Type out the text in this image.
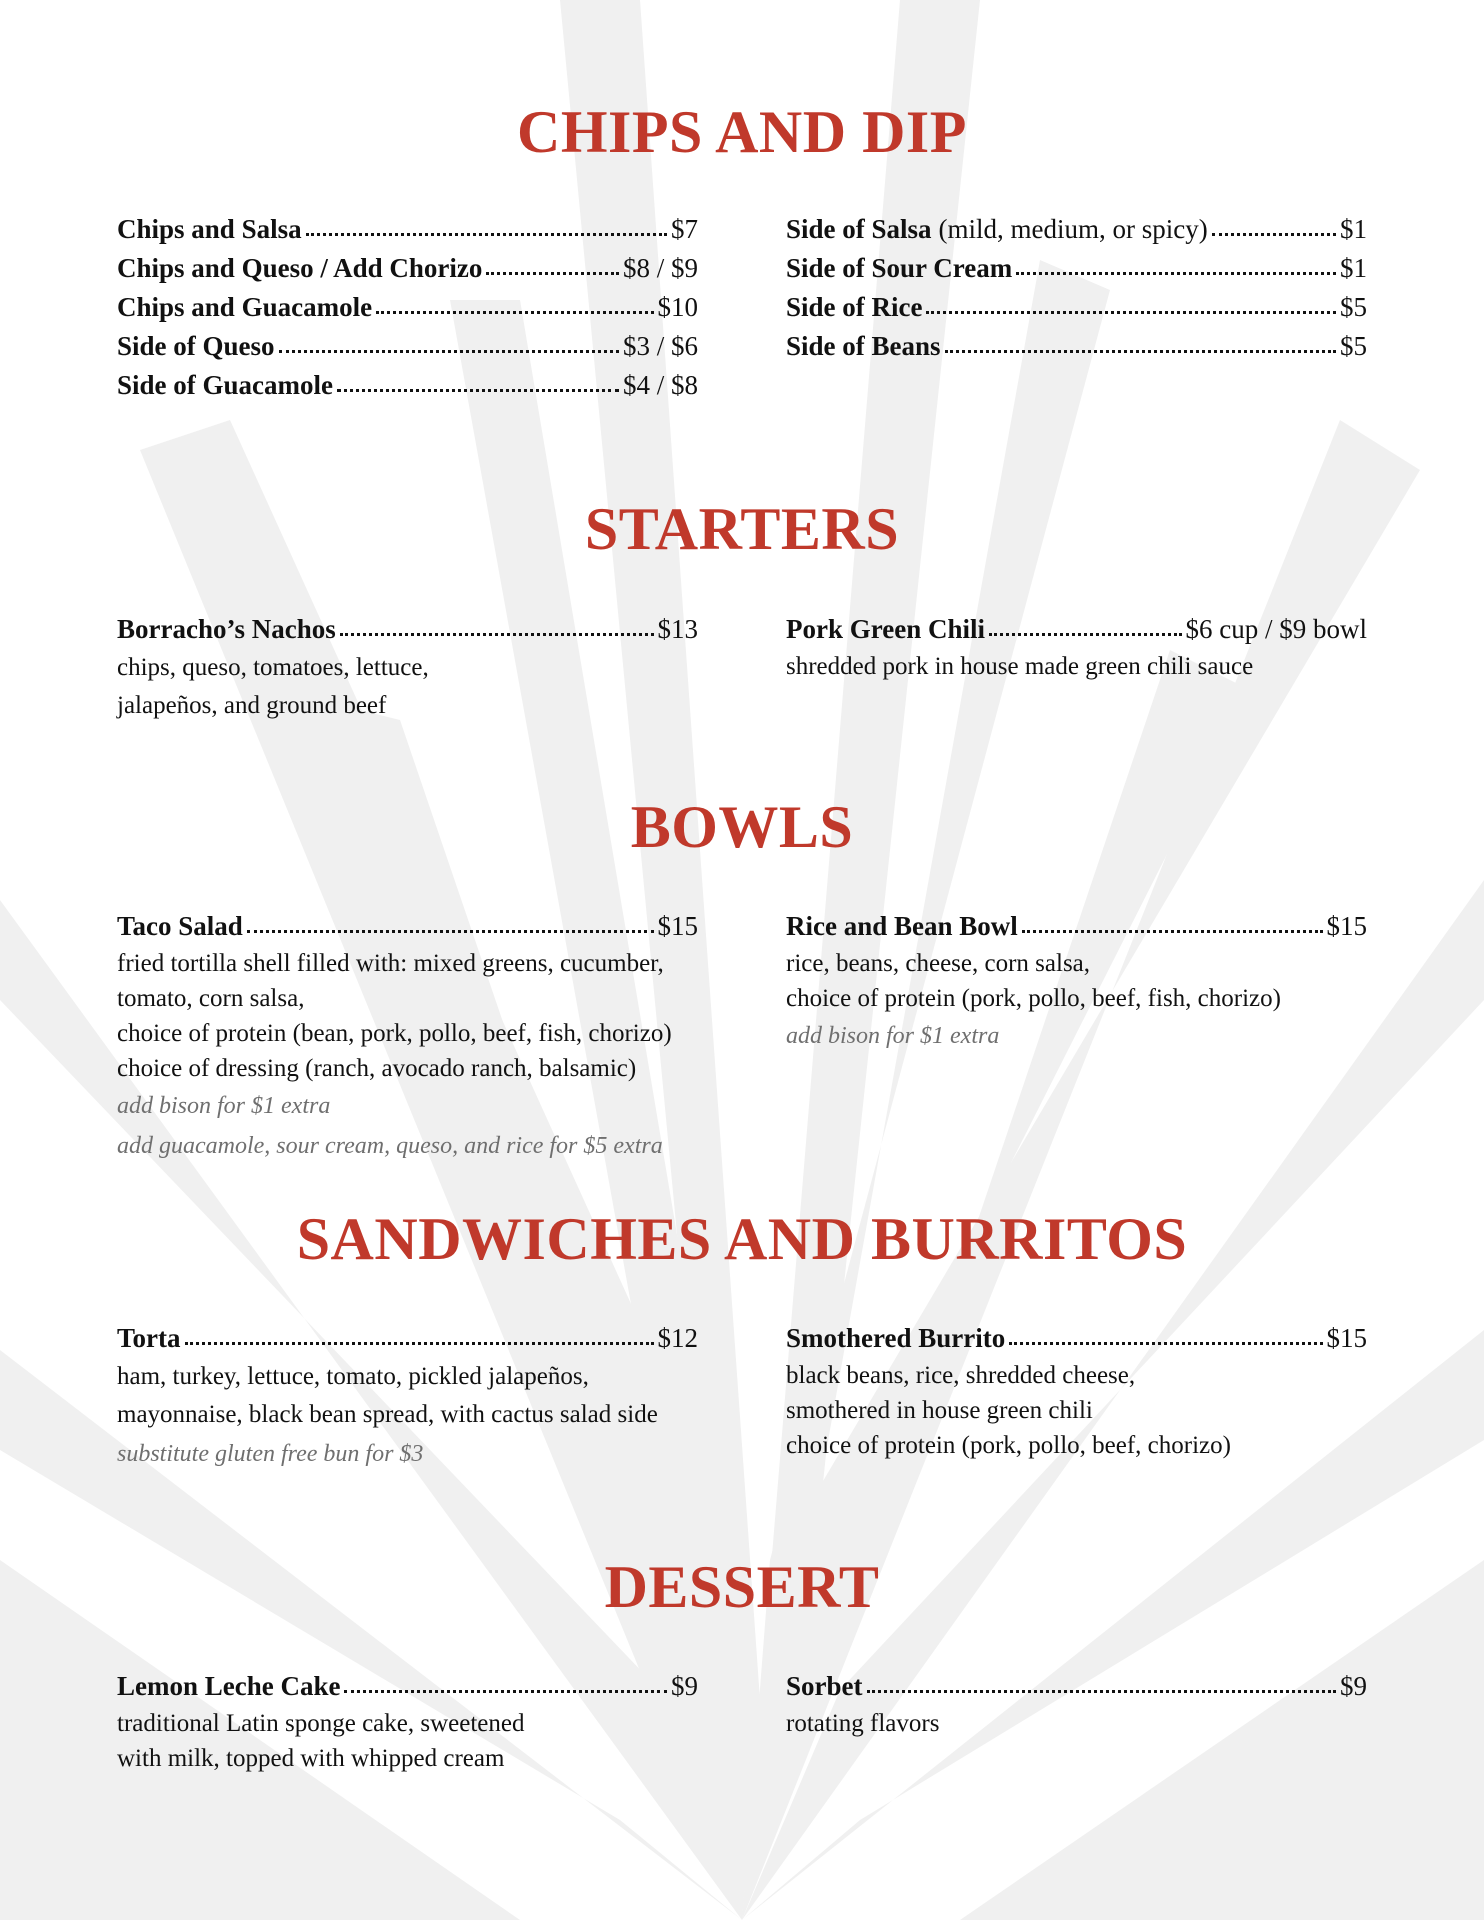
CHIPS AND DIP
Chips and Salsa	$7
Chips and Queso / Add Chorizo	$8 / $9
Chips and Guacamole	$10
Side of Queso	$3 / $6
Side of Guacamole	$4 / $8
Side of Salsa (mild, medium, or spicy)	$1
Side of Sour Cream	$1
Side of Rice	$5
Side of Beans	$5
STARTERS
Borracho’s Nachos	$13
chips, queso, tomatoes, lettuce,
jalapeños, and ground beef
Pork Green Chili	$6 cup / $9 bowl
shredded pork in house made green chili sauce
BOWLS
Taco Salad	$15
fried tortilla shell filled with: mixed greens, cucumber,
tomato, corn salsa,
choice of protein (bean, pork, pollo, beef, fish, chorizo)
choice of dressing (ranch, avocado ranch, balsamic)
add bison for $1 extra
add guacamole, sour cream, queso, and rice for $5 extra
Rice and Bean Bowl	$15
rice, beans, cheese, corn salsa,
choice of protein (pork, pollo, beef, fish, chorizo)
add bison for $1 extra
SANDWICHES AND BURRITOS
Torta	$12
ham, turkey, lettuce, tomato, pickled jalapeños,
mayonnaise, black bean spread, with cactus salad side
substitute gluten free bun for $3
Smothered Burrito	$15
black beans, rice, shredded cheese,
smothered in house green chili
choice of protein (pork, pollo, beef, chorizo)
DESSERT
Lemon Leche Cake	$9
traditional Latin sponge cake, sweetened
with milk, topped with whipped cream
Sorbet	$9
rotating flavors
